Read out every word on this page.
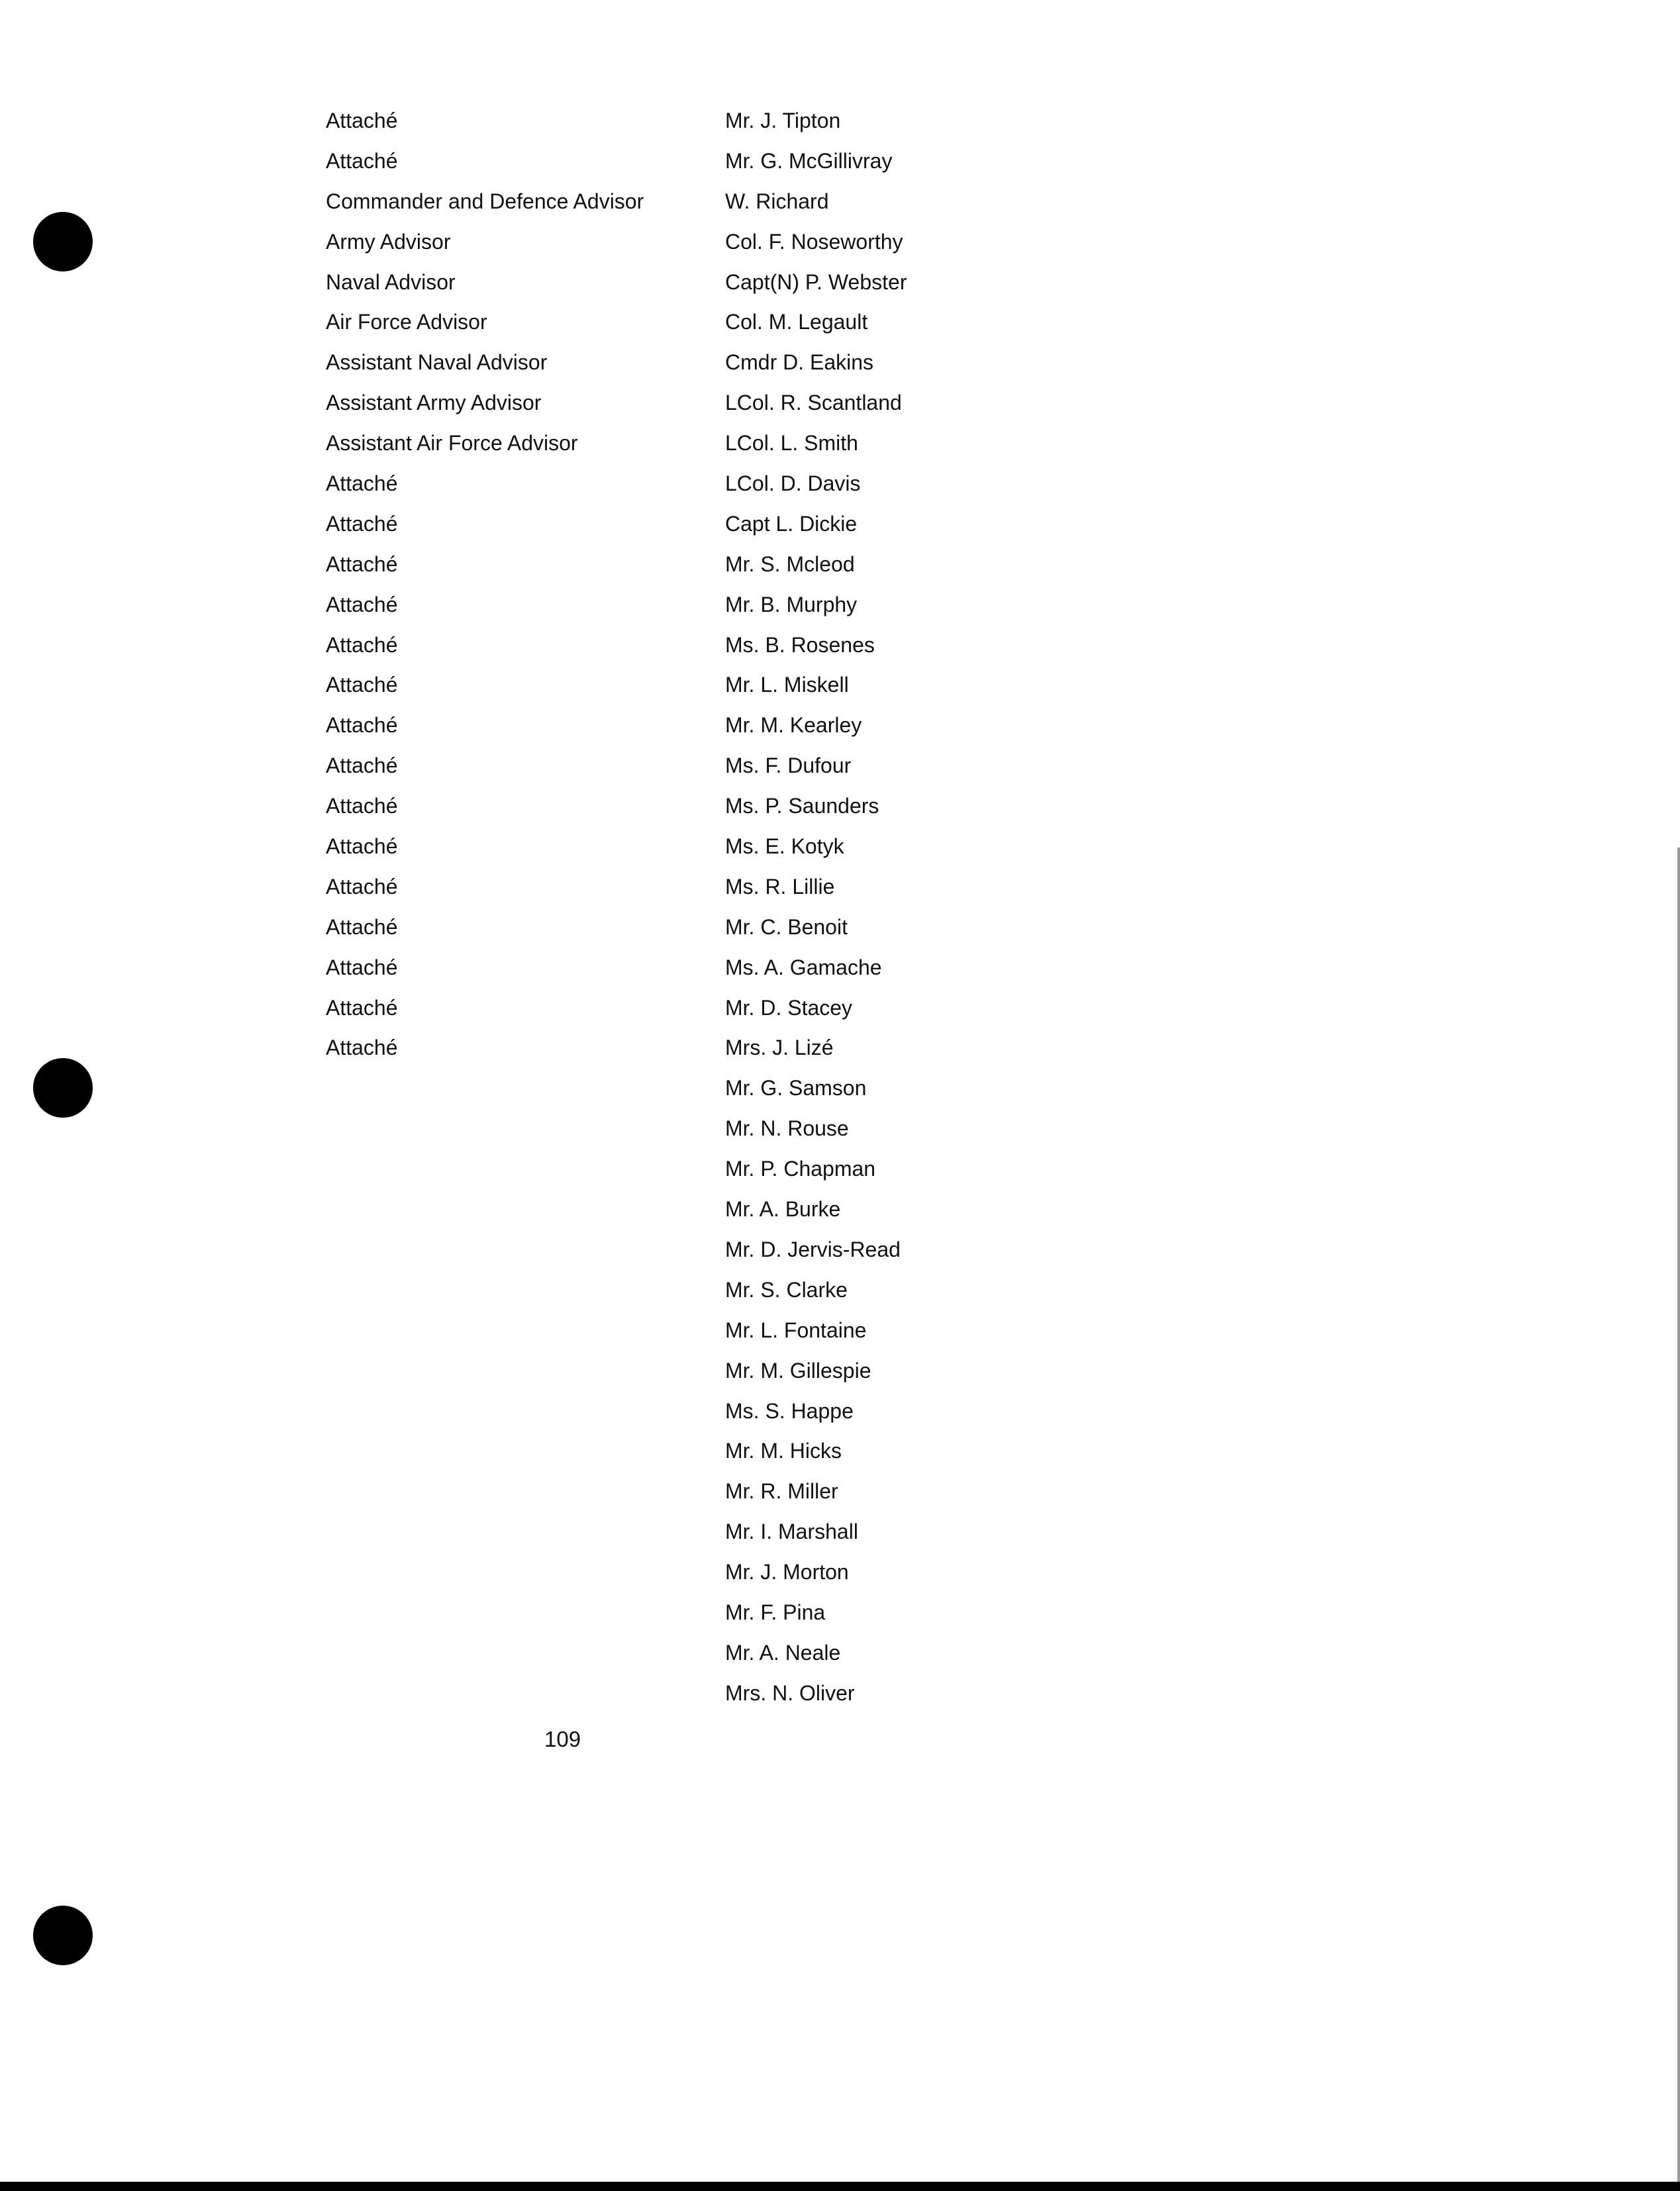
Attaché
Attaché
Commander and Defence Advisor
Army Advisor
Naval Advisor
Air Force Advisor
Assistant Naval Advisor
Assistant Army Advisor
Assistant Air Force Advisor
Attaché
Attaché
Attaché
Attaché
Attaché
Attaché
Attaché
Attaché
Attaché
Attaché
Attaché
Attaché
Attaché
Attaché
Attaché
Mr. J. Tipton
Mr. G. McGillivray
W. Richard
Col. F. Noseworthy
Capt(N) P. Webster
Col. M. Legault
Cmdr D. Eakins
LCol. R. Scantland
LCol. L. Smith
LCol. D. Davis
Capt L. Dickie
Mr. S. Mcleod
Mr. B. Murphy
Ms. B. Rosenes
Mr. L. Miskell
Mr. M. Kearley
Ms. F. Dufour
Ms. P. Saunders
Ms. E. Kotyk
Ms. R. Lillie
Mr. C. Benoit
Ms. A. Gamache
Mr. D. Stacey
Mrs. J. Lizé
Mr. G. Samson
Mr. N. Rouse
Mr. P. Chapman
Mr. A. Burke
Mr. D. Jervis-Read
Mr. S. Clarke
Mr. L. Fontaine
Mr. M. Gillespie
Ms. S. Happe
Mr. M. Hicks
Mr. R. Miller
Mr. I. Marshall
Mr. J. Morton
Mr. F. Pina
Mr. A. Neale
Mrs. N. Oliver
109
